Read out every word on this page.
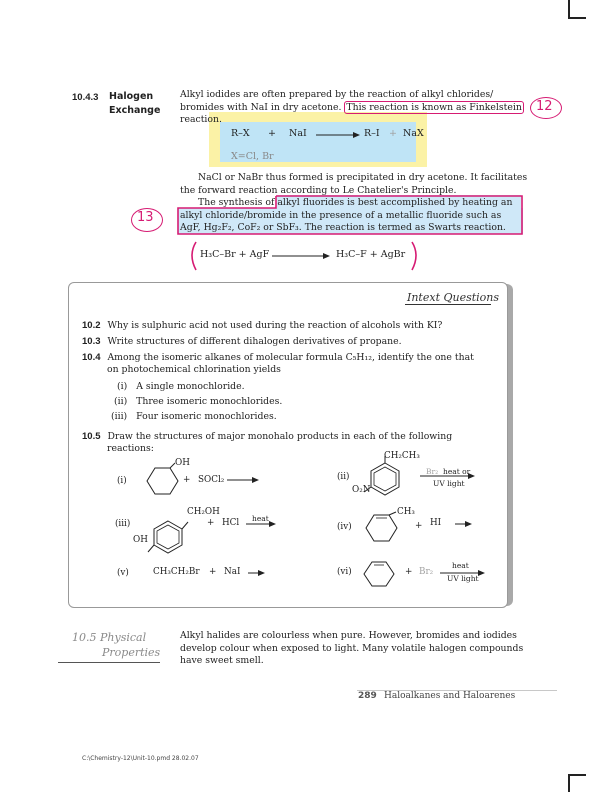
10.4.3 Halogen
Exchange
Alkyl iodides are often prepared by the reaction of alkyl chlorides/
bromides with NaI in dry acetone. This reaction is known as Finkelstein
reaction.
12
R–X + NaI	R–I + NaX
X=Cl, Br
NaCl or NaBr thus formed is precipitated in dry acetone. It facilitates
the forward reaction according to Le Chatelier's Principle.
The synthesis of alkyl fluorides is best accomplished by heating an
alkyl chloride/bromide in the presence of a metallic fluoride such as
AgF, Hg₂F₂, CoF₂ or SbF₃. The reaction is termed as Swarts reaction.
13
H₃C–Br + AgF	H₃C–F + AgBr
Intext Questions
10.2 Why is sulphuric acid not used during the reaction of alcohols with KI?
10.3 Write structures of different dihalogen derivatives of propane.
10.4 Among the isomeric alkanes of molecular formula C₅H₁₂, identify the one that
on photochemical chlorination yields
(i) A single monochloride.
(ii) Three isomeric monochlorides.
(iii) Four isomeric monochlorides.
10.5 Draw the structures of major monohalo products in each of the following
reactions:
(i)
OH
+ SOCl₂	(ii)
CH₂CH₃
O₂N
Br₂ heat or
UV light
(iii)
CH₂OH
OH
+ HCl heat
(iv)
CH₃
+ HI
(v)	CH₃CH₂Br + NaI	(vi)	+ Br₂
heat
UV light
10.5 Physical
Properties
Alkyl halides are colourless when pure. However, bromides and iodides
develop colour when exposed to light. Many volatile halogen compounds
have sweet smell.
289 Haloalkanes and Haloarenes
C:\Chemistry-12\Unit-10.pmd 28.02.07
